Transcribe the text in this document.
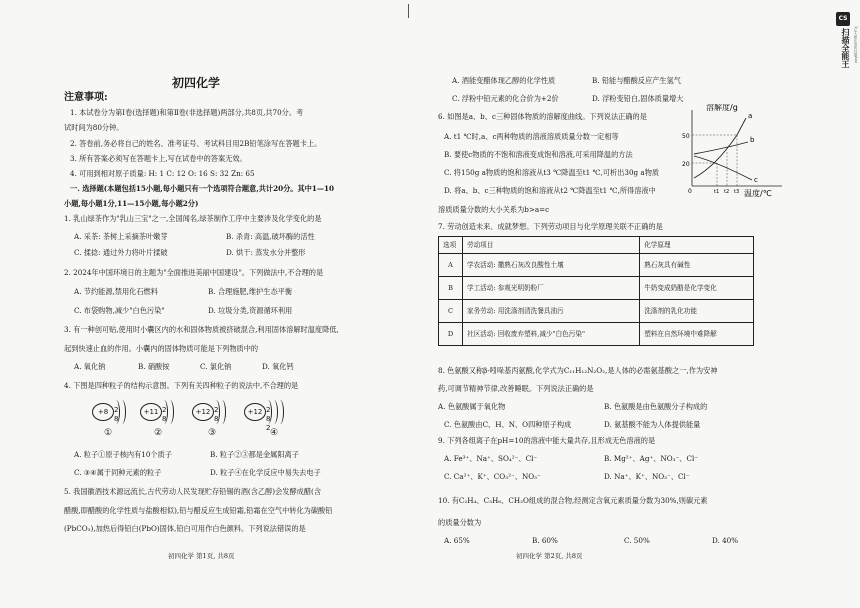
CS
扫描全能王 3亿人都在用的扫描App
初四化学
注意事项:
1. 本试卷分为第Ⅰ卷(选择题)和第Ⅱ卷(非选择题)两部分,共8页,共70分。考
试时间为80分钟。
2. 答卷前,务必将自己的姓名、准考证号、考试科目用2B铅笔涂写在答题卡上。
3. 所有答案必须写在答题卡上,写在试卷中的答案无效。
4. 可用到相对原子质量: H: 1 C: 12 O: 16 S: 32 Zn: 65
一. 选择题(本题包括15小题,每小题只有一个选项符合题意,共计20分。其中1—10
小题,每小题1分,11—15小题,每小题2分)
1. 乳山绿茶作为"乳山三宝"之一,全国闻名,绿茶制作工序中主要涉及化学变化的是
A. 采茶: 茶树上采摘茶叶嫩芽	B. 杀青: 高温,破坏酶的活性
C. 揉捻: 通过外力将叶片揉破	D. 烘干: 蒸发水分并整形
2. 2024年中国环境日的主题为"全面推进美丽中国建设"。下列做法中,不合理的是
A. 节约能源,禁用化石燃料	B. 合理施肥,维护生态平衡
C. 布袋购物,减少"白色污染"	D. 垃圾分类,资源循环利用
3. 有一种创可贴,使用时小囊区内的水和固体物质被挤破混合,利用固体溶解时温度降低,
起到快速止血的作用。小囊内的固体物质可能是下列物质中的
A. 氧化钠	B. 硝酸铵	C. 氯化钠	D. 氧化钙
4. 下图是四种粒子的结构示意图。下列有关四种粒子的说法中,不合理的是
+8 2 8
①
+11 2 8
②
+12 2 8
③
+12 2 8 2
④
A. 粒子①原子核内有10个质子	B. 粒子②③都是金属阳离子
C. ③④属于同种元素的粒子	D. 粒子④在化学反应中易失去电子
5. 我国徽酒技术源远流长,古代劳动人民发现贮存铅锡的酒(含乙醇)会发酵成醋(含
醋酸,即醋酸的化学性质与盐酸相似),铅与醋反应生成铅霜,铅霜在空气中转化为碳酸铅
(PbCO₃),加热后得铅白(PbO)固体,铅白可用作白色颜料。下列说法错误的是
初四化学 第1页, 共8页
A. 酒能变醋体现乙醇的化学性质	B. 铅能与醋酸反应产生氢气
C. 浮粉中铅元素的化合价为+2价	D. 浮粉变铅白,固体质量增大
6. 如图是a、b、c三种固体物质的溶解度曲线。下列说法正确的是
A. t1 ℃时,a、c两种物质的溶液溶质质量分数一定相等
B. 要使c物质的不饱和溶液变成饱和溶液,可采用降温的方法
C. 将150g a物质的饱和溶液从t3 ℃降温至t1 ℃,可析出30g a物质
D. 将a、b、c三种物质的饱和溶液从t2 ℃降温至t1 ℃,所得溶液中
溶质质量分数的大小关系为b>a=c
溶解度/g
温度/℃
50
20
0	t1 t2 t3
a
b
c
7. 劳动创造未来、成就梦想。下列劳动项目与化学原理关联不正确的是
选项	劳动项目	化学原理
A	学农活动: 撒熟石灰改良酸性土壤	熟石灰具有碱性
B	学工活动: 参观光明奶粉厂	牛奶变成奶酪是化学变化
C	家务劳动: 用洗涤剂清洗餐具油污	洗涤剂的乳化功能
D	社区活动: 回收废弃塑料,减少"白色污染"	塑料在自然环境中难降解
8. 色氨酸又称β-吲哚基丙氨酸,化学式为C₁₁H₁₂N₂O₂,是人体的必需氨基酸之一,作为安神
药,可调节精神节律,改善睡眠。下列说法正确的是
A. 色氨酸属于氧化物	B. 色氨酸是由色氨酸分子构成的
C. 色氨酸由C、H、N、O四种原子构成	D. 氨基酸不能为人体提供能量
9. 下列各组离子在pH=10的溶液中能大量共存,且形成无色溶液的是
A. Fe³⁺、Na⁺、SO₄²⁻、Cl⁻	B. Mg²⁺、Ag⁺、NO₃⁻、Cl⁻
C. Ca²⁺、K⁺、CO₃²⁻、NO₃⁻	D. Na⁺、K⁺、NO₃⁻、Cl⁻
10. 有C₂H₄、C₃H₆、CH₂O组成的混合物,经测定含氧元素质量分数为30%,则碳元素
的质量分数为
A. 65%	B. 60%	C. 50%	D. 40%
初四化学 第2页, 共8页
